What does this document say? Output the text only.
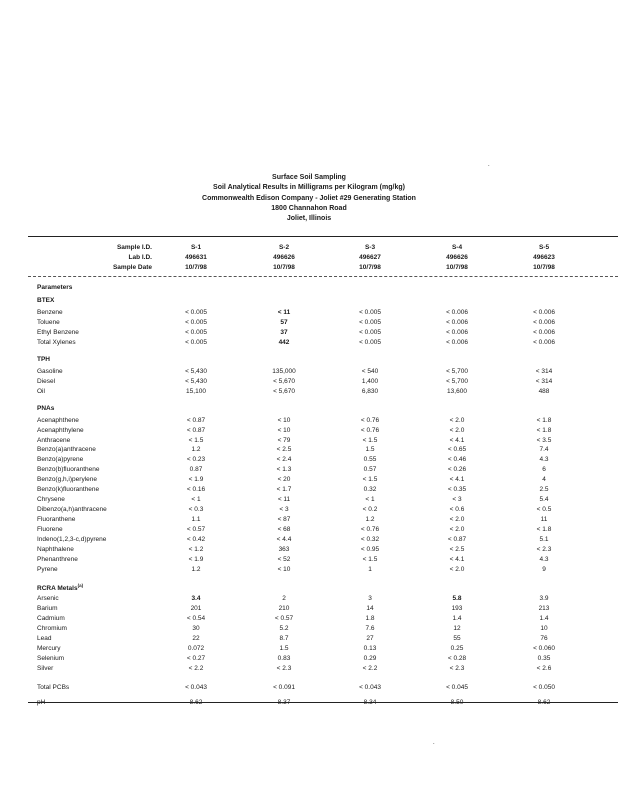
Surface Soil Sampling
Soil Analytical Results in Milligrams per Kilogram (mg/kg)
Commonwealth Edison Company - Joliet #29 Generating Station
1800 Channahon Road
Joliet, Illinois
Sample I.D.	S-1	S-2	S-3	S-4	S-5
Lab I.D.	496631	496626	496627	496626	496623
Sample Date	10/7/98	10/7/98	10/7/98	10/7/98	10/7/98
Parameters
BTEX
Benzene	< 0.005	< 11	< 0.005	< 0.006	< 0.006
Toluene	< 0.005	57	< 0.005	< 0.006	< 0.006
Ethyl Benzene	< 0.005	37	< 0.005	< 0.006	< 0.006
Total Xylenes	< 0.005	442	< 0.005	< 0.006	< 0.006
TPH
Gasoline	< 5,430	135,000	< 540	< 5,700	< 314
Diesel	< 5,430	< 5,670	1,400	< 5,700	< 314
Oil	15,100	< 5,670	6,830	13,600	488
PNAs
Acenaphthene	< 0.87	< 10	< 0.76	< 2.0	< 1.8
Acenaphthylene	< 0.87	< 10	< 0.76	< 2.0	< 1.8
Anthracene	< 1.5	< 79	< 1.5	< 4.1	< 3.5
Benzo(a)anthracene	1.2	< 2.5	1.5	< 0.65	7.4
Benzo(a)pyrene	< 0.23	< 2.4	0.55	< 0.46	4.3
Benzo(b)fluoranthene	0.87	< 1.3	0.57	< 0.26	6
Benzo(g,h,i)perylene	< 1.9	< 20	< 1.5	< 4.1	4
Benzo(k)fluoranthene	< 0.16	< 1.7	0.32	< 0.35	2.5
Chrysene	< 1	< 11	< 1	< 3	5.4
Dibenzo(a,h)anthracene	< 0.3	< 3	< 0.2	< 0.6	< 0.5
Fluoranthene	1.1	< 87	1.2	< 2.0	11
Fluorene	< 0.57	< 68	< 0.76	< 2.0	< 1.8
Indeno(1,2,3-c,d)pyrene	< 0.42	< 4.4	< 0.32	< 0.87	5.1
Naphthalene	< 1.2	363	< 0.95	< 2.5	< 2.3
Phenanthrene	< 1.9	< 52	< 1.5	< 4.1	4.3
Pyrene	1.2	< 10	1	< 2.0	9
RCRA Metals$^{(a)}$
Arsenic	3.4	2	3	5.8	3.9
Barium	201	210	14	193	213
Cadmium	< 0.54	< 0.57	1.8	1.4	1.4
Chromium	30	5.2	7.6	12	10
Lead	22	8.7	27	55	76
Mercury	0.072	1.5	0.13	0.25	< 0.060
Selenium	< 0.27	0.83	0.29	< 0.28	0.35
Silver	< 2.2	< 2.3	< 2.2	< 2.3	< 2.6
Total PCBs	< 0.043	< 0.091	< 0.043	< 0.045	< 0.050
pH	8.62	8.37	8.34	8.50	8.62
.
.
